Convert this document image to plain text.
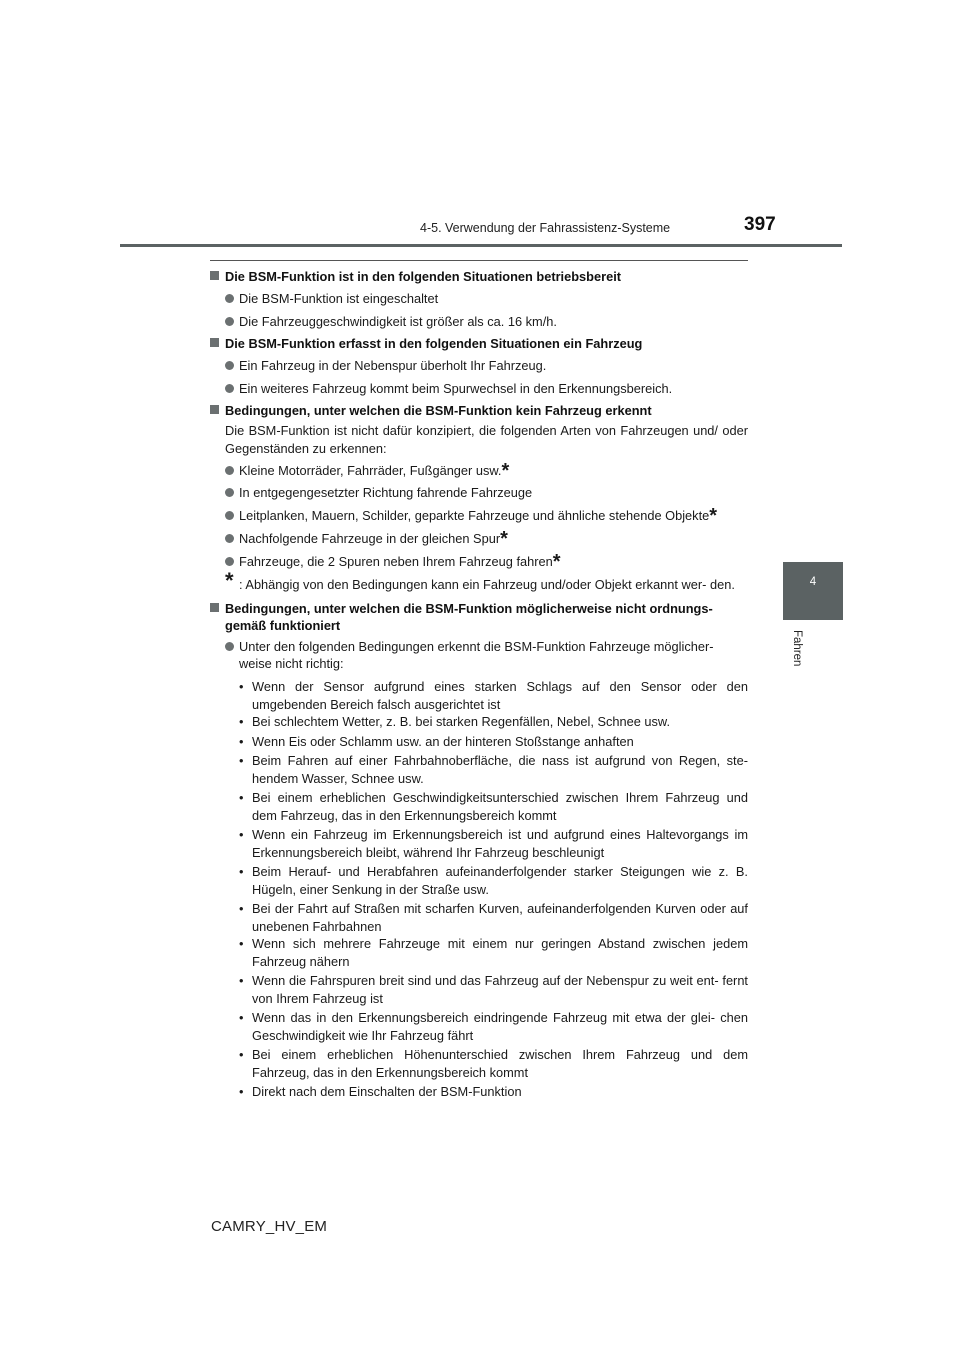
4-5. Verwendung der Fahrassistenz-Systeme	397
4
Fahren
Die BSM-Funktion ist in den folgenden Situationen betriebsbereit
Die BSM-Funktion ist eingeschaltet
Die Fahrzeuggeschwindigkeit ist größer als ca. 16 km/h.
Die BSM-Funktion erfasst in den folgenden Situationen ein Fahrzeug
Ein Fahrzeug in der Nebenspur überholt Ihr Fahrzeug.
Ein weiteres Fahrzeug kommt beim Spurwechsel in den Erkennungsbereich.
Bedingungen, unter welchen die BSM-Funktion kein Fahrzeug erkennt
Die BSM-Funktion ist nicht dafür konzipiert, die folgenden Arten von Fahrzeugen und/ oder Gegenständen zu erkennen:
Kleine Motorräder, Fahrräder, Fußgänger usw.*
In entgegengesetzter Richtung fahrende Fahrzeuge
Leitplanken, Mauern, Schilder, geparkte Fahrzeuge und ähnliche stehende Objekte*
Nachfolgende Fahrzeuge in der gleichen Spur*
Fahrzeuge, die 2 Spuren neben Ihrem Fahrzeug fahren*
* : Abhängig von den Bedingungen kann ein Fahrzeug und/oder Objekt erkannt wer- den.
Bedingungen, unter welchen die BSM-Funktion möglicherweise nicht ordnungs- gemäß funktioniert
Unter den folgenden Bedingungen erkennt die BSM-Funktion Fahrzeuge möglicher- weise nicht richtig:
• Wenn der Sensor aufgrund eines starken Schlags auf den Sensor oder den umgebenden Bereich falsch ausgerichtet ist
• Bei schlechtem Wetter, z. B. bei starken Regenfällen, Nebel, Schnee usw.
• Wenn Eis oder Schlamm usw. an der hinteren Stoßstange anhaften
• Beim Fahren auf einer Fahrbahnoberfläche, die nass ist aufgrund von Regen, ste- hendem Wasser, Schnee usw.
• Bei einem erheblichen Geschwindigkeitsunterschied zwischen Ihrem Fahrzeug und dem Fahrzeug, das in den Erkennungsbereich kommt
• Wenn ein Fahrzeug im Erkennungsbereich ist und aufgrund eines Haltevorgangs im Erkennungsbereich bleibt, während Ihr Fahrzeug beschleunigt
• Beim Herauf- und Herabfahren aufeinanderfolgender starker Steigungen wie z. B. Hügeln, einer Senkung in der Straße usw.
• Bei der Fahrt auf Straßen mit scharfen Kurven, aufeinanderfolgenden Kurven oder auf unebenen Fahrbahnen
• Wenn sich mehrere Fahrzeuge mit einem nur geringen Abstand zwischen jedem Fahrzeug nähern
• Wenn die Fahrspuren breit sind und das Fahrzeug auf der Nebenspur zu weit ent- fernt von Ihrem Fahrzeug ist
• Wenn das in den Erkennungsbereich eindringende Fahrzeug mit etwa der glei- chen Geschwindigkeit wie Ihr Fahrzeug fährt
• Bei einem erheblichen Höhenunterschied zwischen Ihrem Fahrzeug und dem Fahrzeug, das in den Erkennungsbereich kommt
• Direkt nach dem Einschalten der BSM-Funktion
CAMRY_HV_EM
